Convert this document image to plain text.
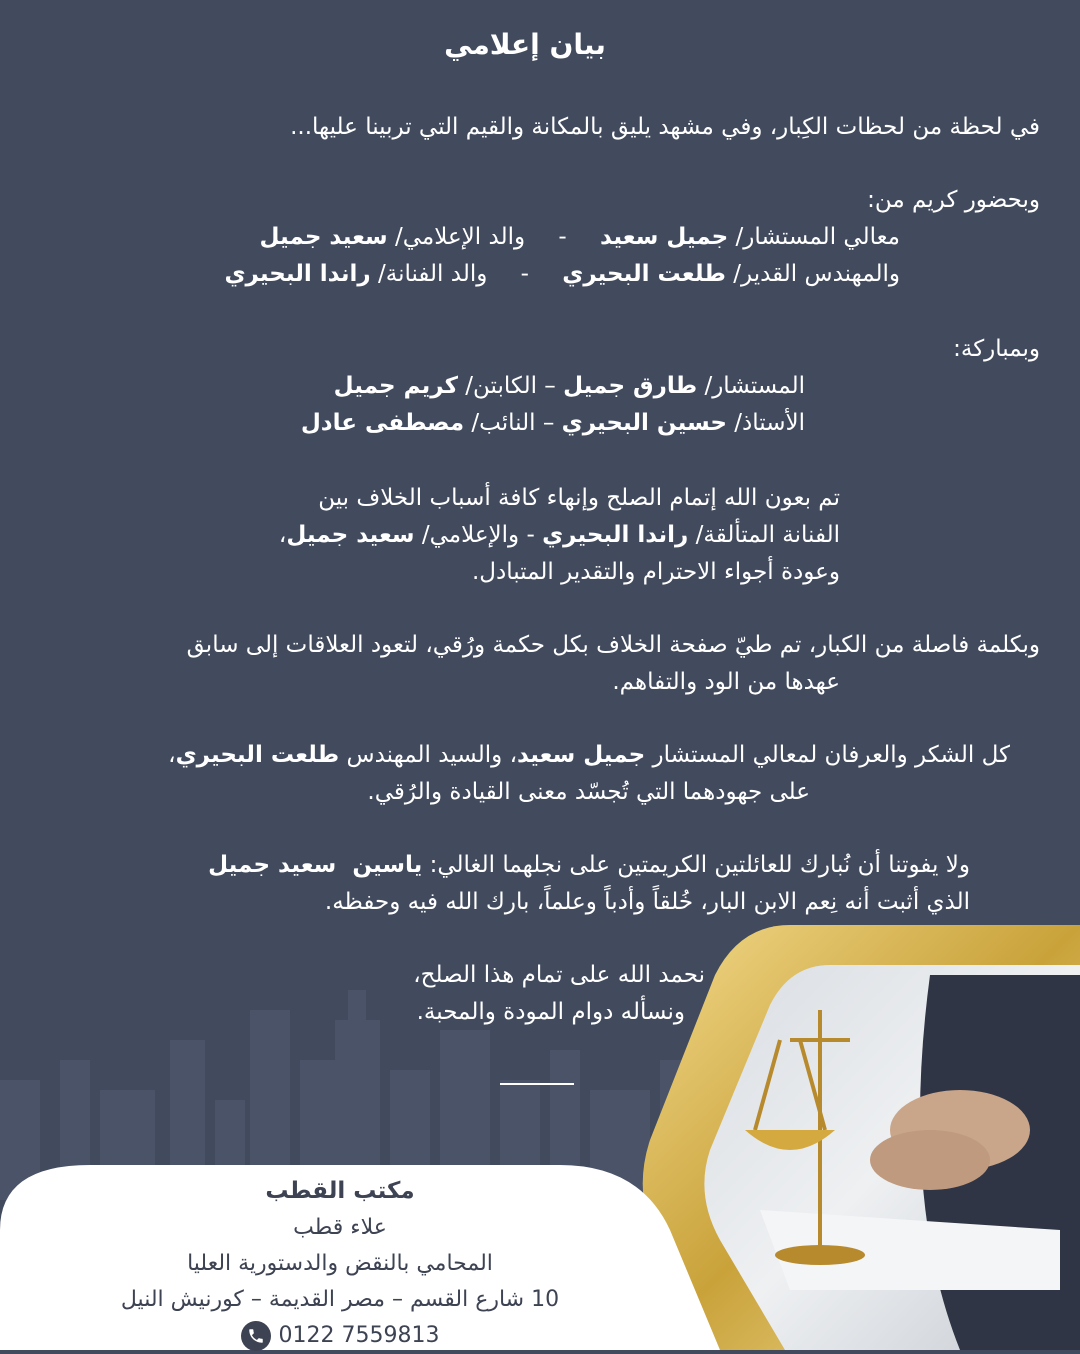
بيان إعلامي
في لحظة من لحظات الكِبار، وفي مشهد يليق بالمكانة والقيم التي تربينا عليها...
وبحضور كريم من:
معالي المستشار/ جميل سعيد - والد الإعلامي/ سعيد جميل
والمهندس القدير/ طلعت البحيري - والد الفنانة/ راندا البحيري
وبمباركة:
المستشار/ طارق جميل – الكابتن/ كريم جميل
الأستاذ/ حسين البحيري – النائب/ مصطفى عادل
تم بعون الله إتمام الصلح وإنهاء كافة أسباب الخلاف بين
الفنانة المتألقة/ راندا البحيري - والإعلامي/ سعيد جميل،
وعودة أجواء الاحترام والتقدير المتبادل.
وبكلمة فاصلة من الكبار، تم طيّ صفحة الخلاف بكل حكمة ورُقي، لتعود العلاقات إلى سابق
عهدها من الود والتفاهم.
كل الشكر والعرفان لمعالي المستشار جميل سعيد، والسيد المهندس طلعت البحيري،
على جهودهما التي تُجسّد معنى القيادة والرُقي.
ولا يفوتنا أن نُبارك للعائلتين الكريمتين على نجلهما الغالي: ياسين  سعيد جميل
الذي أثبت أنه نِعم الابن البار، خُلقاً وأدباً وعلماً، بارك الله فيه وحفظه.
نحمد الله على تمام هذا الصلح،
ونسأله دوام المودة والمحبة.
مكتب القطب
علاء قطب
المحامي بالنقض والدستورية العليا
10 شارع القسم – مصر القديمة – كورنيش النيل
0122 7559813
